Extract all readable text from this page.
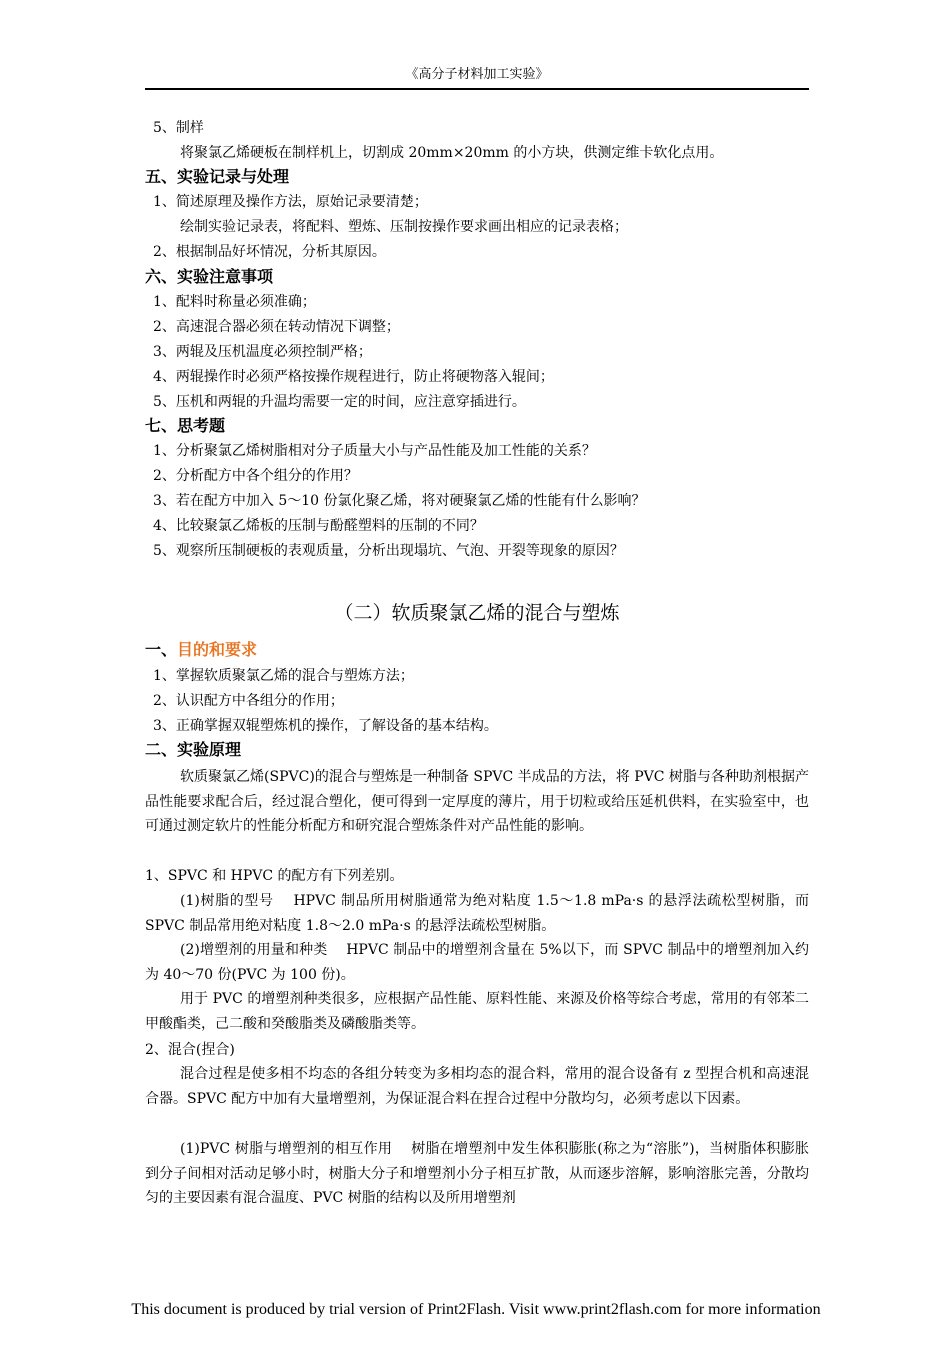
《高分子材料加工实验》
5、制样
将聚氯乙烯硬板在制样机上，切割成 20mm×20mm 的小方块，供测定维卡软化点用。
五、实验记录与处理
1、简述原理及操作方法，原始记录要清楚；
绘制实验记录表，将配料、塑炼、压制按操作要求画出相应的记录表格；
2、根据制品好坏情况，分析其原因。
六、实验注意事项
1、配料时称量必须准确；
2、高速混合器必须在转动情况下调整；
3、两辊及压机温度必须控制严格；
4、两辊操作时必须严格按操作规程进行，防止将硬物落入辊间；
5、压机和两辊的升温均需要一定的时间，应注意穿插进行。
七、思考题
1、分析聚氯乙烯树脂相对分子质量大小与产品性能及加工性能的关系？
2、分析配方中各个组分的作用？
3、若在配方中加入 5～10 份氯化聚乙烯，将对硬聚氯乙烯的性能有什么影响？
4、比较聚氯乙烯板的压制与酚醛塑料的压制的不同？
5、观察所压制硬板的表观质量，分析出现塌坑、气泡、开裂等现象的原因？
（二）软质聚氯乙烯的混合与塑炼
一、目的和要求
1、掌握软质聚氯乙烯的混合与塑炼方法；
2、认识配方中各组分的作用；
3、正确掌握双辊塑炼机的操作，了解设备的基本结构。
二、实验原理
软质聚氯乙烯(SPVC)的混合与塑炼是一种制备 SPVC 半成品的方法，将 PVC 树脂与各种助剂根据产品性能要求配合后，经过混合塑化，便可得到一定厚度的薄片，用于切粒或给压延机供料，在实验室中，也可通过测定软片的性能分析配方和研究混合塑炼条件对产品性能的影响。
1、SPVC 和 HPVC 的配方有下列差别。
(1)树脂的型号　 HPVC 制品所用树脂通常为绝对粘度 1.5～1.8 mPa·s 的悬浮法疏松型树脂，而 SPVC 制品常用绝对粘度 1.8～2.0 mPa·s 的悬浮法疏松型树脂。
(2)增塑剂的用量和种类　 HPVC 制品中的增塑剂含量在 5%以下，而 SPVC 制品中的增塑剂加入约为 40～70 份(PVC 为 100 份)。
用于 PVC 的增塑剂种类很多，应根据产品性能、原料性能、来源及价格等综合考虑，常用的有邻苯二甲酸酯类，己二酸和癸酸脂类及磷酸脂类等。
2、混合(捏合)
混合过程是使多相不均态的各组分转变为多相均态的混合料，常用的混合设备有 z 型捏合机和高速混合器。SPVC 配方中加有大量增塑剂，为保证混合料在捏合过程中分散均匀，必须考虑以下因素。
(1)PVC 树脂与增塑剂的相互作用　 树脂在增塑剂中发生体积膨胀(称之为“溶胀”)，当树脂体积膨胀到分子间相对活动足够小时，树脂大分子和增塑剂小分子相互扩散，从而逐步溶解，影响溶胀完善，分散均匀的主要因素有混合温度、PVC 树脂的结构以及所用增塑剂
This document is produced by trial version of Print2Flash. Visit www.print2flash.com for more information
